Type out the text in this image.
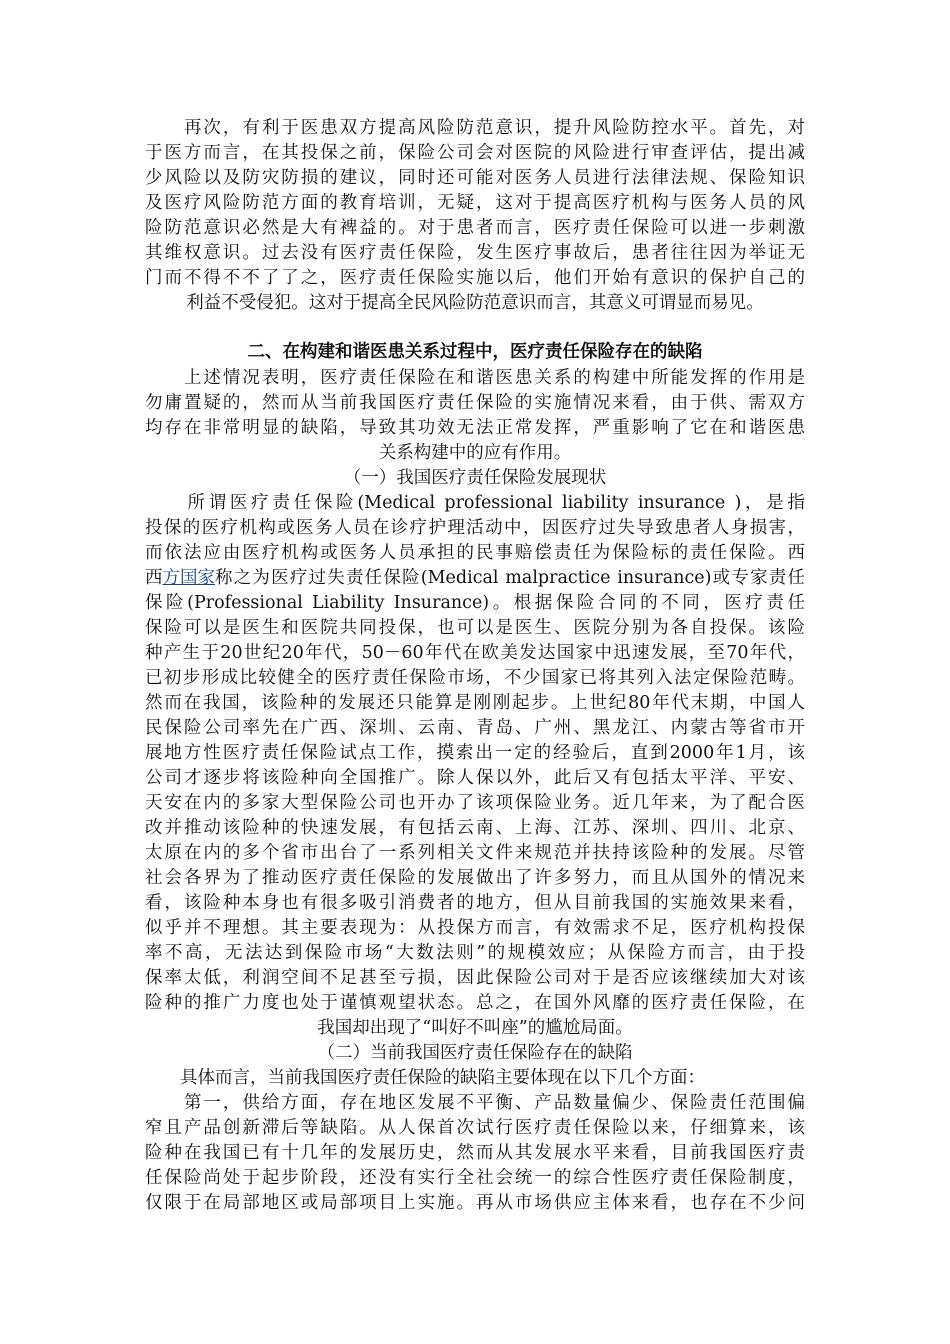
　　再次，有利于医患双方提高风险防范意识，提升风险防控水平。首先，对
于医方而言，在其投保之前，保险公司会对医院的风险进行审查评估，提出减
少风险以及防灾防损的建议，同时还可能对医务人员进行法律法规、保险知识
及医疗风险防范方面的教育培训，无疑，这对于提高医疗机构与医务人员的风
险防范意识必然是大有裨益的。对于患者而言，医疗责任保险可以进一步刺激
其维权意识。过去没有医疗责任保险，发生医疗事故后，患者往往因为举证无
门而不得不不了了之，医疗责任保险实施以后，他们开始有意识的保护自己的
利益不受侵犯。这对于提高全民风险防范意识而言，其意义可谓显而易见。
二、在构建和谐医患关系过程中，医疗责任保险存在的缺陷
　　上述情况表明，医疗责任保险在和谐医患关系的构建中所能发挥的作用是
勿庸置疑的，然而从当前我国医疗责任保险的实施情况来看，由于供、需双方
均存在非常明显的缺陷，导致其功效无法正常发挥，严重影响了它在和谐医患
关系构建中的应有作用。
（一）我国医疗责任保险发展现状
　　所谓医疗责任保险(Medical professional liability insurance )，是指
投保的医疗机构或医务人员在诊疗护理活动中，因医疗过失导致患者人身损害，
而依法应由医疗机构或医务人员承担的民事赔偿责任为保险标的责任保险。西
西 方国家 称之为医疗过失责任保险(Medical malpractice insurance)或专家责任
保险(Professional Liability Insurance)。根据保险合同的不同，医疗责任
保险可以是医生和医院共同投保，也可以是医生、医院分别为各自投保。该险
种产生于20世纪20年代，50－60年代在欧美发达国家中迅速发展，至70年代，
已初步形成比较健全的医疗责任保险市场，不少国家已将其列入法定保险范畴。
然而在我国，该险种的发展还只能算是刚刚起步。上世纪80年代末期，中国人
民保险公司率先在广西、深圳、云南、青岛、广州、黑龙江、内蒙古等省市开
展地方性医疗责任保险试点工作，摸索出一定的经验后，直到2000年1月，该
公司才逐步将该险种向全国推广。除人保以外，此后又有包括太平洋、平安、
天安在内的多家大型保险公司也开办了该项保险业务。近几年来，为了配合医
改并推动该险种的快速发展，有包括云南、上海、江苏、深圳、四川、北京、
太原在内的多个省市出台了一系列相关文件来规范并扶持该险种的发展。尽管
社会各界为了推动医疗责任保险的发展做出了许多努力，而且从国外的情况来
看，该险种本身也有很多吸引消费者的地方，但从目前我国的实施效果来看，
似乎并不理想。其主要表现为：从投保方而言，有效需求不足，医疗机构投保
率不高，无法达到保险市场“大数法则”的规模效应；从保险方而言，由于投
保率太低，利润空间不足甚至亏损，因此保险公司对于是否应该继续加大对该
险种的推广力度也处于谨慎观望状态。总之，在国外风靡的医疗责任保险，在
我国却出现了“叫好不叫座”的尴尬局面。
（二）当前我国医疗责任保险存在的缺陷
　　具体而言，当前我国医疗责任保险的缺陷主要体现在以下几个方面：
　　第一，供给方面，存在地区发展不平衡、产品数量偏少、保险责任范围偏
窄且产品创新滞后等缺陷。从人保首次试行医疗责任保险以来，仔细算来，该
险种在我国已有十几年的发展历史，然而从其发展水平来看，目前我国医疗责
任保险尚处于起步阶段，还没有实行全社会统一的综合性医疗责任保险制度，
仅限于在局部地区或局部项目上实施。再从市场供应主体来看，也存在不少问
